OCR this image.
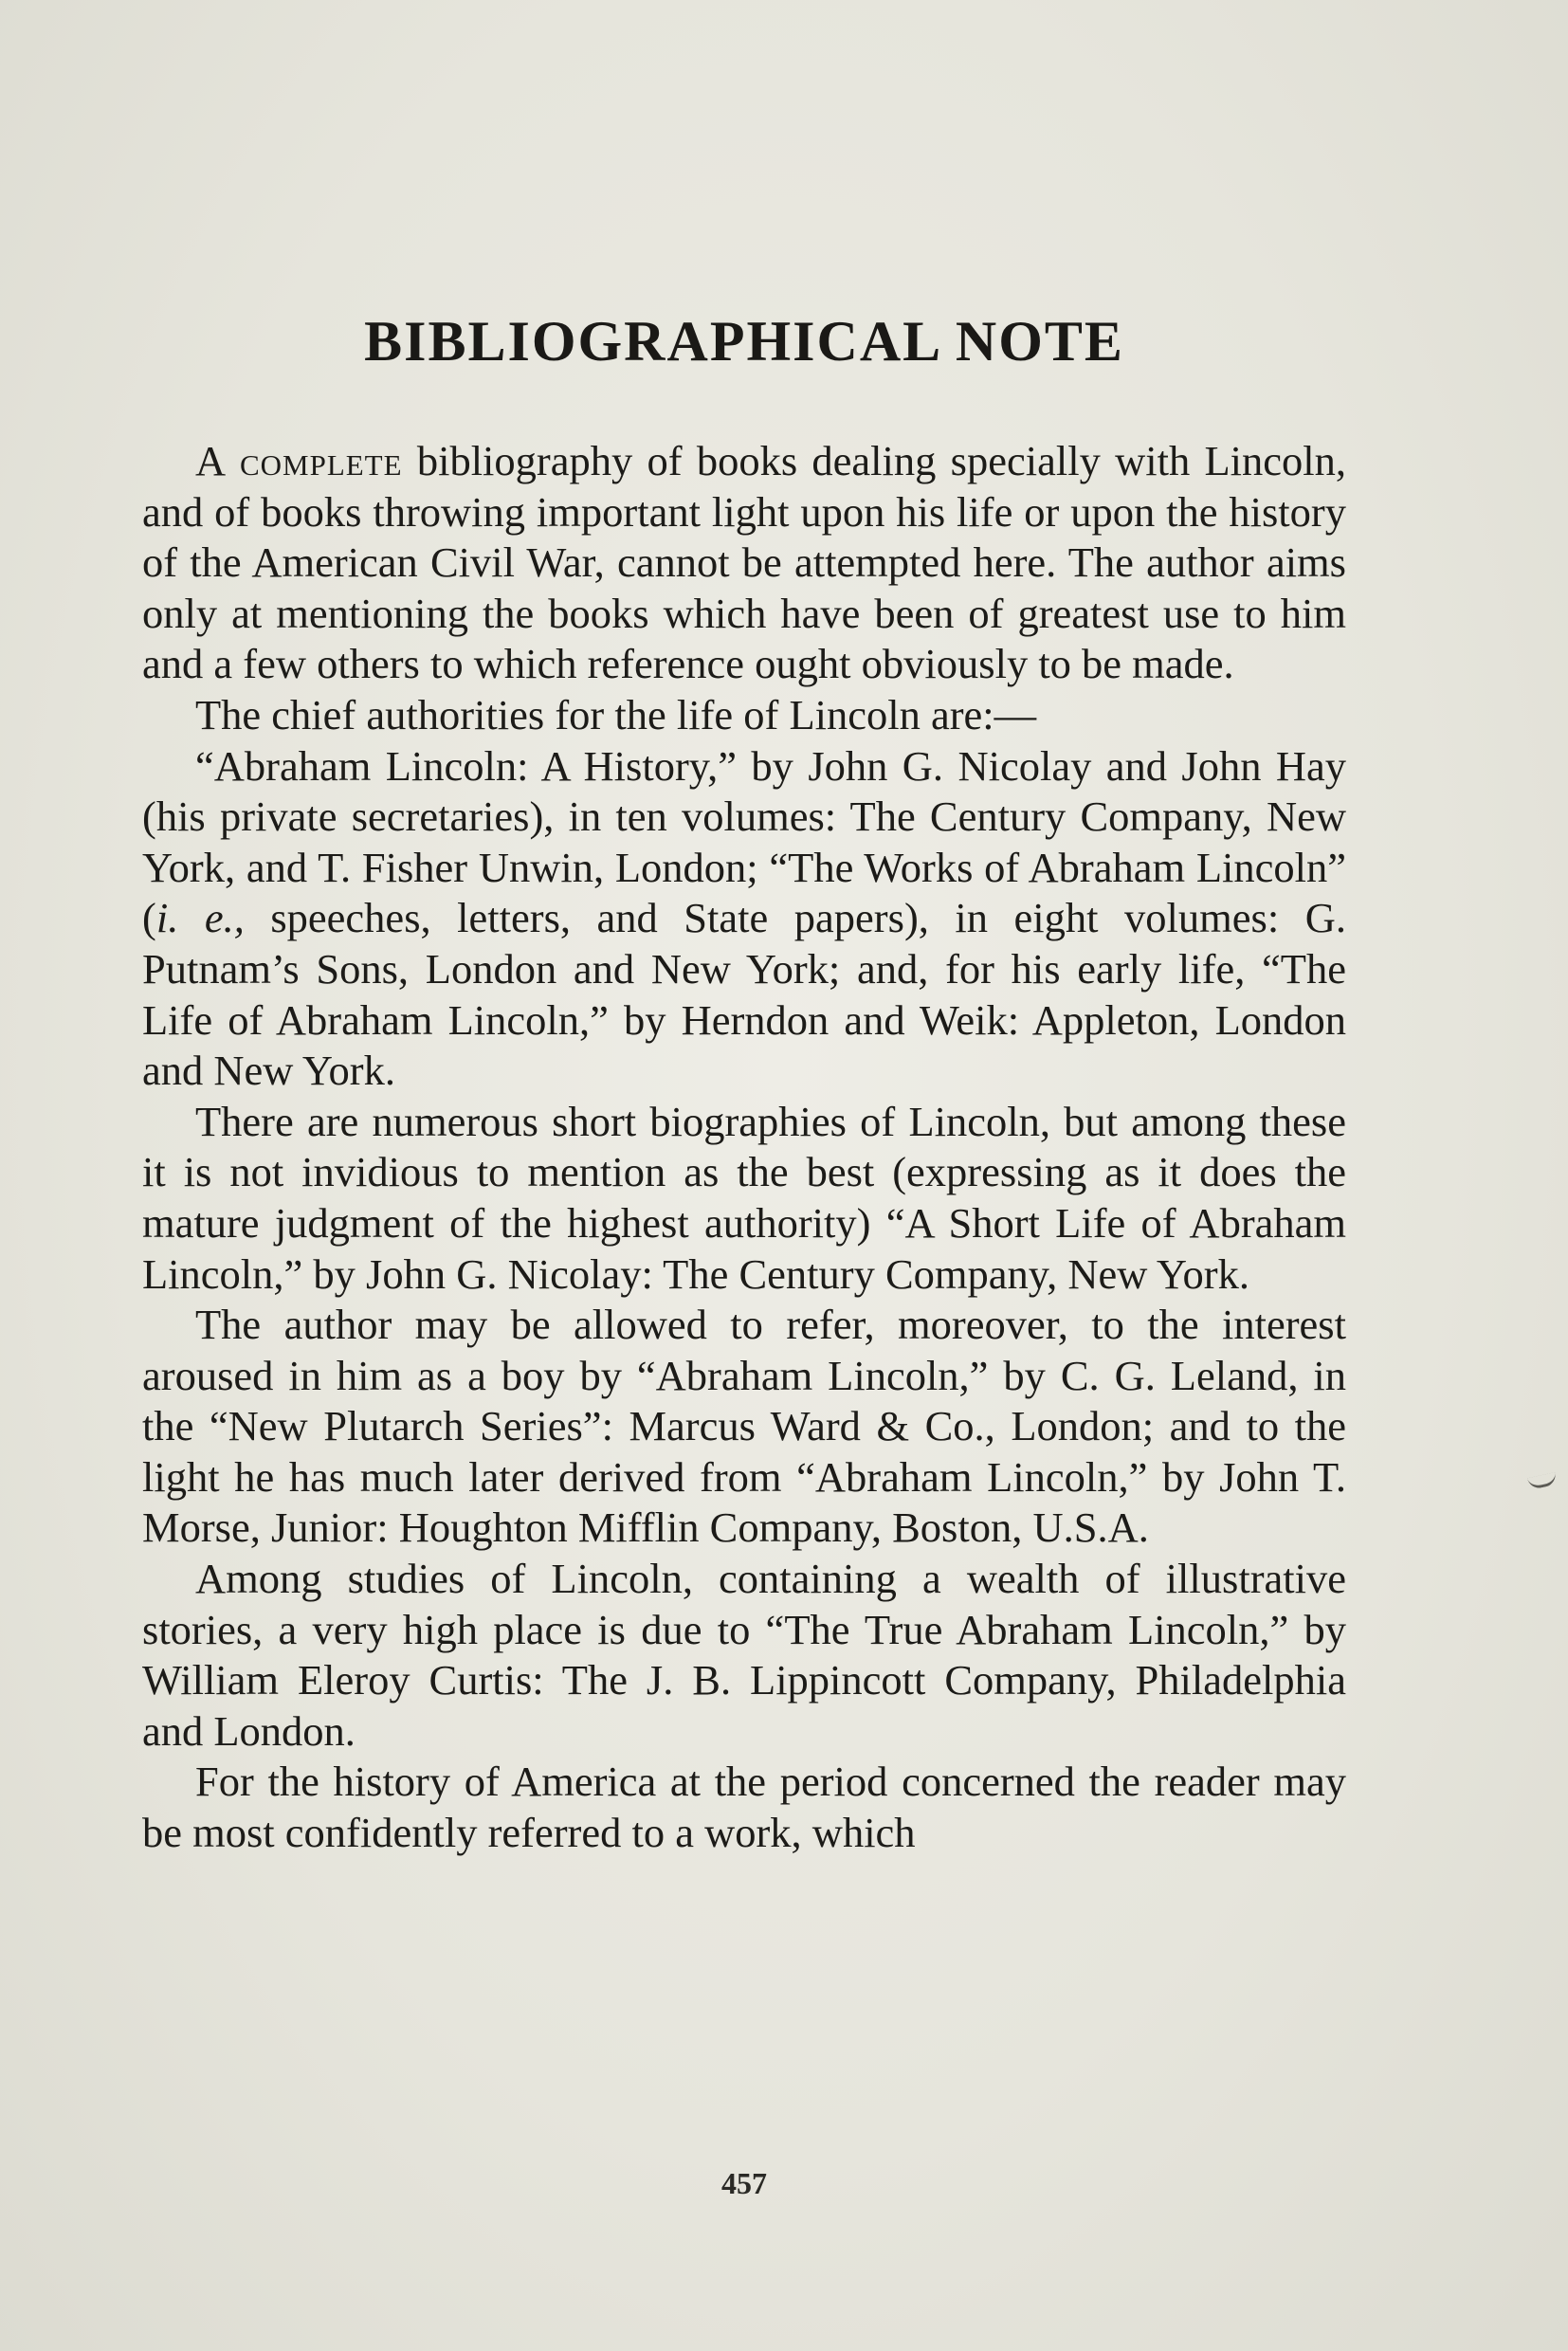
BIBLIOGRAPHICAL NOTE

A complete bibliography of books dealing specially with Lincoln, and of books throwing important light upon his life or upon the history of the American Civil War, cannot be attempted here. The author aims only at mentioning the books which have been of greatest use to him and a few others to which reference ought obviously to be made.

The chief authorities for the life of Lincoln are:—

“Abraham Lincoln: A History,” by John G. Nicolay and John Hay (his private secretaries), in ten volumes: The Century Company, New York, and T. Fisher Unwin, London; “The Works of Abraham Lincoln” (i. e., speeches, letters, and State papers), in eight volumes: G. Putnam’s Sons, London and New York; and, for his early life, “The Life of Abraham Lincoln,” by Herndon and Weik: Appleton, London and New York.

There are numerous short biographies of Lincoln, but among these it is not invidious to mention as the best (expressing as it does the mature judgment of the highest authority) “A Short Life of Abraham Lincoln,” by John G. Nicolay: The Century Company, New York.

The author may be allowed to refer, moreover, to the interest aroused in him as a boy by “Abraham Lincoln,” by C. G. Leland, in the “New Plutarch Series”: Marcus Ward & Co., London; and to the light he has much later derived from “Abraham Lincoln,” by John T. Morse, Junior: Houghton Mifflin Company, Boston, U.S.A.

Among studies of Lincoln, containing a wealth of illustrative stories, a very high place is due to “The True Abraham Lincoln,” by William Eleroy Curtis: The J. B. Lippincott Company, Philadelphia and London.

For the history of America at the period concerned the reader may be most confidently referred to a work, which

457
